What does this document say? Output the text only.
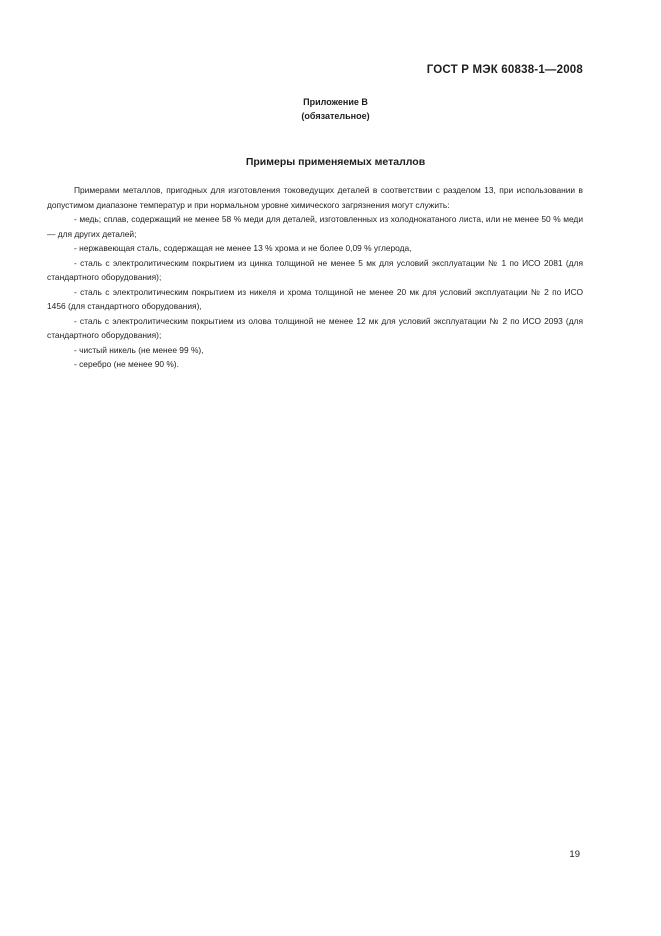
ГОСТ Р МЭК 60838-1—2008
Приложение В
(обязательное)
Примеры применяемых металлов

Примерами металлов, пригодных для изготовления токоведущих деталей в соответствии с разделом 13, при использовании в допустимом диапазоне температур и при нормальном уровне химического загрязнения могут служить:

- медь; сплав, содержащий не менее 58 % меди для деталей, изготовленных из холоднокатаного листа, или не менее 50 % меди — для других деталей;

- нержавеющая сталь, содержащая не менее 13 % хрома и не более 0,09 % углерода,

- сталь с электролитическим покрытием из цинка толщиной не менее 5 мк для условий эксплуатации № 1 по ИСО 2081 (для стандартного оборудования);

- сталь с электролитическим покрытием из никеля и хрома толщиной не менее 20 мк для условий эксплуатации № 2 по ИСО 1456 (для стандартного оборудования),

- сталь с электролитическим покрытием из олова толщиной не менее 12 мк для условий эксплуатации № 2 по ИСО 2093 (для стандартного оборудования);

- чистый никель (не менее 99 %),

- серебро (не менее 90 %).

19
